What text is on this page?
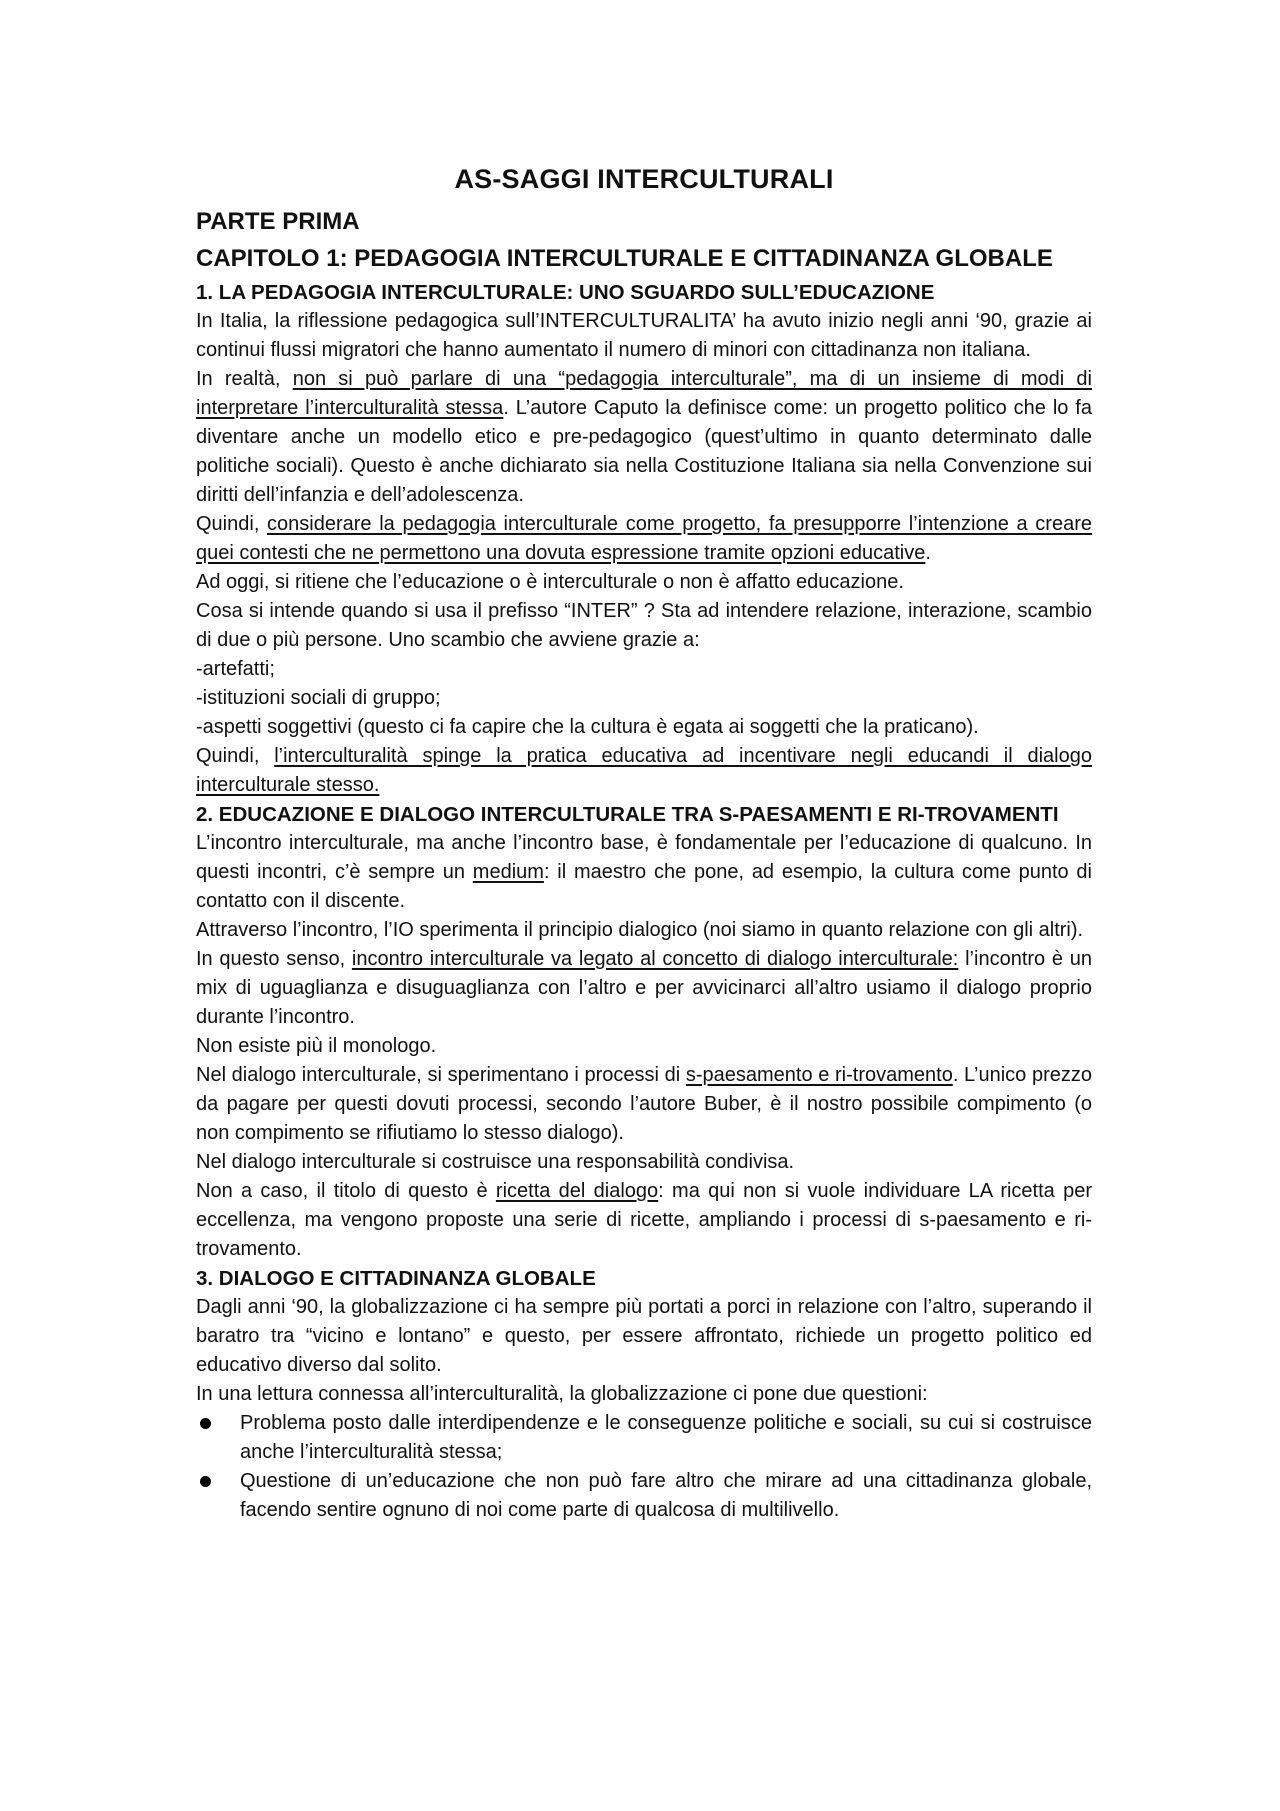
AS-SAGGI INTERCULTURALI
PARTE PRIMA
CAPITOLO 1: PEDAGOGIA INTERCULTURALE E CITTADINANZA GLOBALE
1. LA PEDAGOGIA INTERCULTURALE: UNO SGUARDO SULL’EDUCAZIONE

In Italia, la riflessione pedagogica sull’INTERCULTURALITA’ ha avuto inizio negli anni ‘90, grazie ai continui flussi migratori che hanno aumentato il numero di minori con cittadinanza non italiana.

In realtà, non si può parlare di una “pedagogia interculturale”, ma di un insieme di modi di interpretare l’interculturalità stessa. L’autore Caputo la definisce come: un progetto politico che lo fa diventare anche un modello etico e pre-pedagogico (quest’ultimo in quanto determinato dalle politiche sociali). Questo è anche dichiarato sia nella Costituzione Italiana sia nella Convenzione sui diritti dell’infanzia e dell’adolescenza.

Quindi, considerare la pedagogia interculturale come progetto, fa presupporre l’intenzione a creare quei contesti che ne permettono una dovuta espressione tramite opzioni educative.

Ad oggi, si ritiene che l’educazione o è interculturale o non è affatto educazione.

Cosa si intende quando si usa il prefisso “INTER” ? Sta ad intendere relazione, interazione, scambio di due o più persone. Uno scambio che avviene grazie a:

-artefatti;

-istituzioni sociali di gruppo;

-aspetti soggettivi (questo ci fa capire che la cultura è egata ai soggetti che la praticano).

Quindi, l’interculturalità spinge la pratica educativa ad incentivare negli educandi il dialogo interculturale stesso.

2. EDUCAZIONE E DIALOGO INTERCULTURALE TRA S-PAESAMENTI E RI-TROVAMENTI

L’incontro interculturale, ma anche l’incontro base, è fondamentale per l’educazione di qualcuno. In questi incontri, c’è sempre un medium: il maestro che pone, ad esempio, la cultura come punto di contatto con il discente.

Attraverso l’incontro, l’IO sperimenta il principio dialogico (noi siamo in quanto relazione con gli altri).

In questo senso, incontro interculturale va legato al concetto di dialogo interculturale: l’incontro è un mix di uguaglianza e disuguaglianza con l’altro e per avvicinarci all’altro usiamo il dialogo proprio durante l’incontro.

Non esiste più il monologo.

Nel dialogo interculturale, si sperimentano i processi di s-paesamento e ri-trovamento. L’unico prezzo da pagare per questi dovuti processi, secondo l’autore Buber, è il nostro possibile compimento (o non compimento se rifiutiamo lo stesso dialogo).

Nel dialogo interculturale si costruisce una responsabilità condivisa.

Non a caso, il titolo di questo è ricetta del dialogo: ma qui non si vuole individuare LA ricetta per eccellenza, ma vengono proposte una serie di ricette, ampliando i processi di s-paesamento e ri-trovamento.

3. DIALOGO E CITTADINANZA GLOBALE

Dagli anni ‘90, la globalizzazione ci ha sempre più portati a porci in relazione con l’altro, superando il baratro tra “vicino e lontano” e questo, per essere affrontato, richiede un progetto politico ed educativo diverso dal solito.

In una lettura connessa all’interculturalità, la globalizzazione ci pone due questioni:

Problema posto dalle interdipendenze e le conseguenze politiche e sociali, su cui si costruisce anche l’interculturalità stessa;
Questione di un’educazione che non può fare altro che mirare ad una cittadinanza globale, facendo sentire ognuno di noi come parte di qualcosa di multilivello.
